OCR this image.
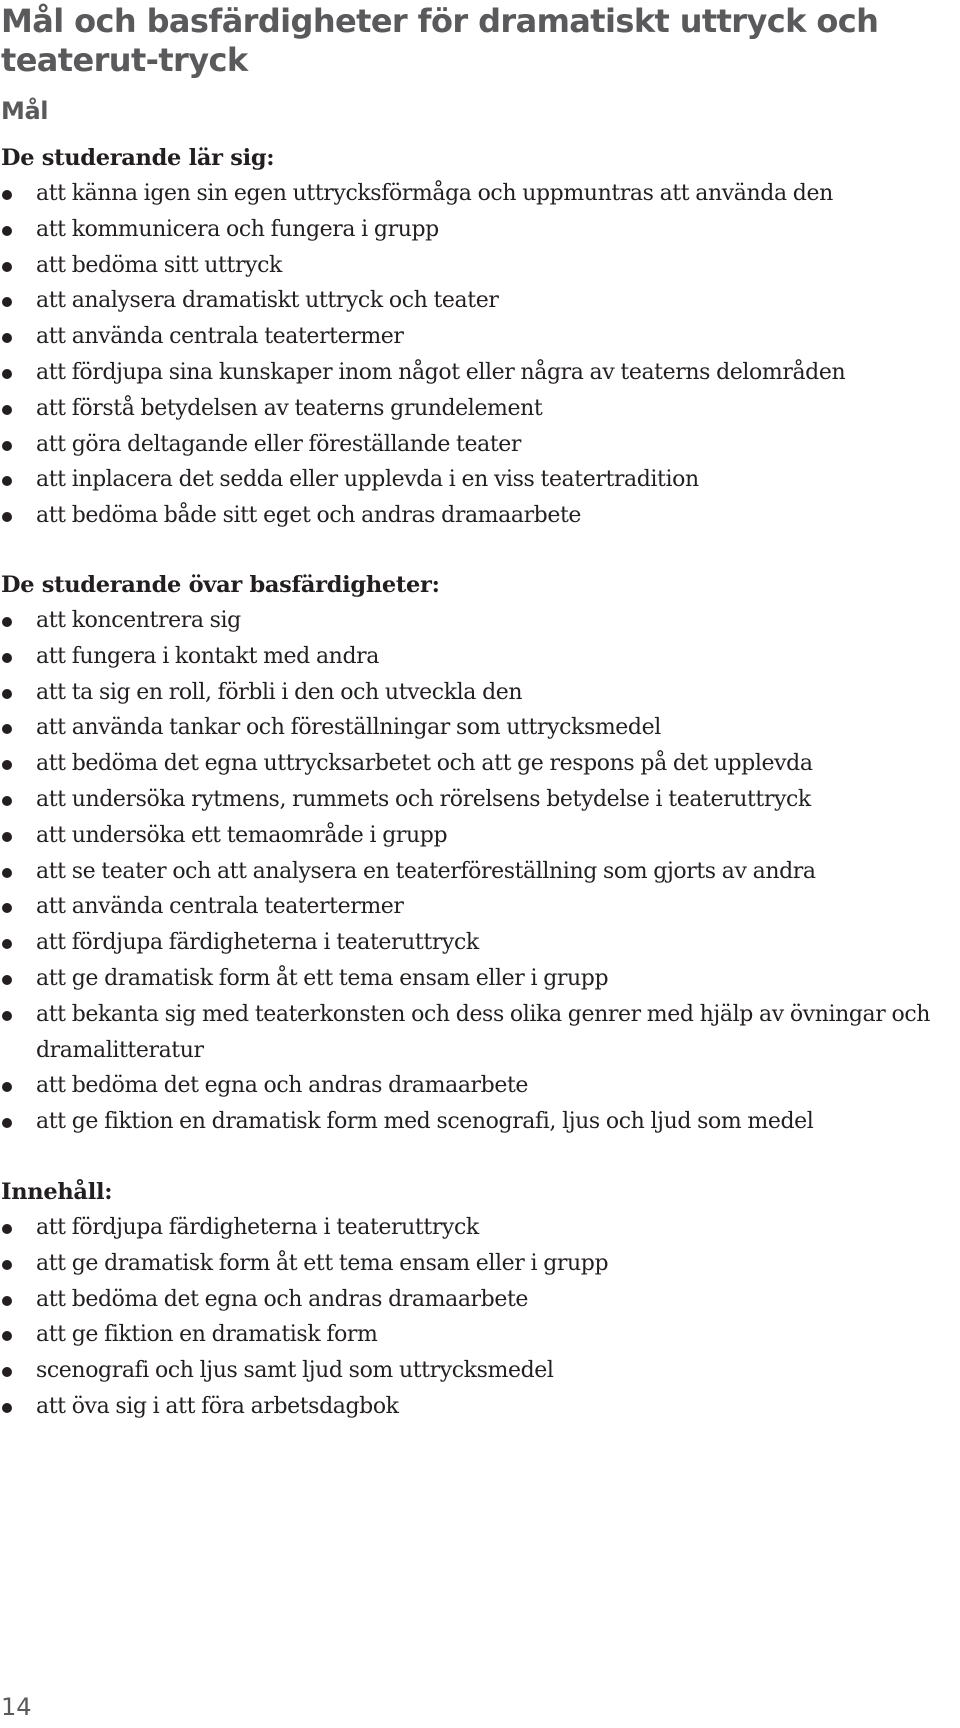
Mål och basfärdigheter för dramatiskt uttryck och teaterut-tryck
Mål
De studerande lär sig:
att känna igen sin egen uttrycksförmåga och uppmuntras att använda den
att kommunicera och fungera i grupp
att bedöma sitt uttryck
att analysera dramatiskt uttryck och teater
att använda centrala teatertermer
att fördjupa sina kunskaper inom något eller några av teaterns delområden
att förstå betydelsen av teaterns grundelement
att göra deltagande eller föreställande teater
att inplacera det sedda eller upplevda i en viss teatertradition
att bedöma både sitt eget och andras dramaarbete
De studerande övar basfärdigheter:
att koncentrera sig
att fungera i kontakt med andra
att ta sig en roll, förbli i den och utveckla den
att använda tankar och föreställningar som uttrycksmedel
att bedöma det egna uttrycksarbetet och att ge respons på det upplevda
att undersöka rytmens, rummets och rörelsens betydelse i teateruttryck
att undersöka ett temaområde i grupp
att se teater och att analysera en teaterföreställning som gjorts av andra
att använda centrala teatertermer
att fördjupa färdigheterna i teateruttryck
att ge dramatisk form åt ett tema ensam eller i grupp
att bekanta sig med teaterkonsten och dess olika genrer med hjälp av övningar och dramalitteratur
att bedöma det egna och andras dramaarbete
att ge fiktion en dramatisk form med scenografi, ljus och ljud som medel
Innehåll:
att fördjupa färdigheterna i teateruttryck
att ge dramatisk form åt ett tema ensam eller i grupp
att bedöma det egna och andras dramaarbete
att ge fiktion en dramatisk form
scenografi och ljus samt ljud som uttrycksmedel
att öva sig i att föra arbetsdagbok
14
